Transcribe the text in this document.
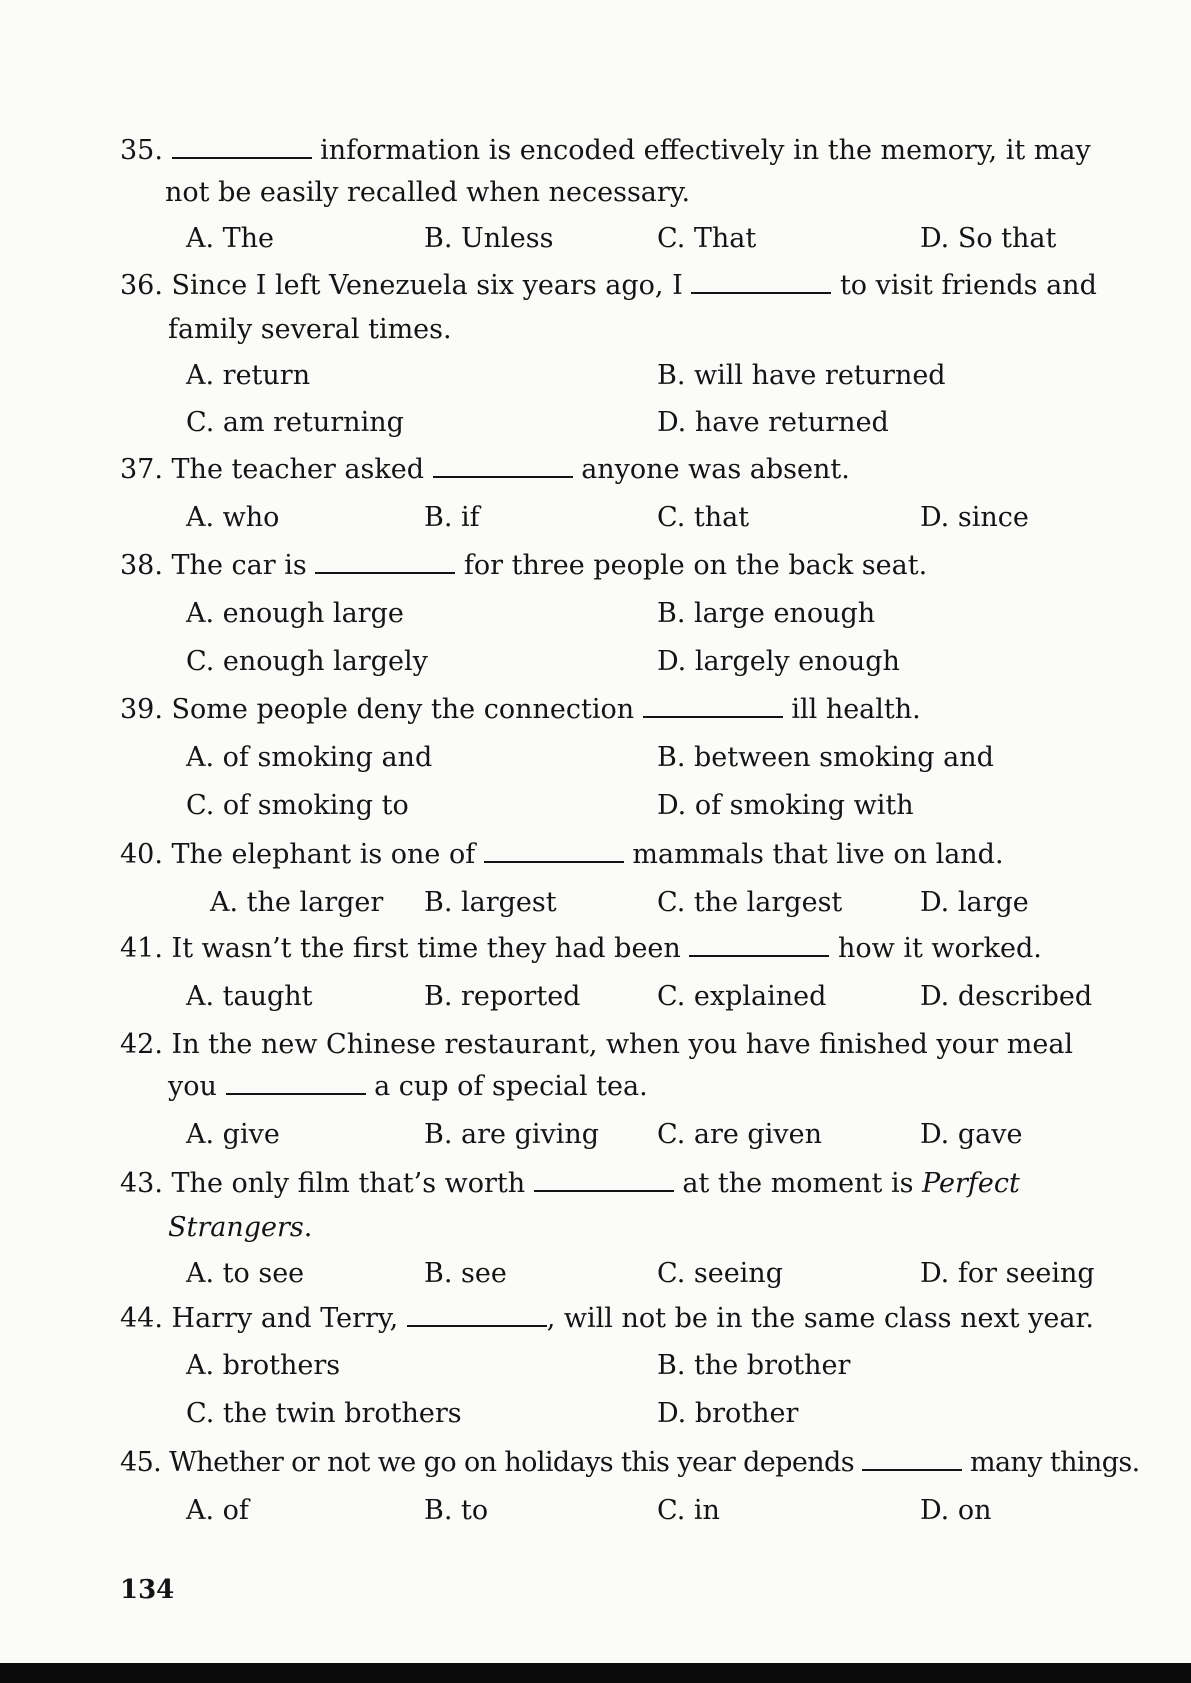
35.	information is encoded effectively in the memory, it may
not be easily recalled when necessary.
A. The	B. Unless	C. That	D. So that
36. Since I left Venezuela six years ago, I	to visit friends and
family several times.
A. return	B. will have returned
C. am returning	D. have returned
37. The teacher asked	anyone was absent.
A. who	B. if	C. that	D. since
38. The car is	for three people on the back seat.
A. enough large	B. large enough
C. enough largely	D. largely enough
39. Some people deny the connection	ill health.
A. of smoking and	B. between smoking and
C. of smoking to	D. of smoking with
40. The elephant is one of	mammals that live on land.
A. the larger B. largest	C. the largest	D. large
41. It wasn’t the first time they had been	how it worked.
A. taught	B. reported	C. explained	D. described
42. In the new Chinese restaurant, when you have finished your meal
you	a cup of special tea.
A. give	B. are giving C. are given	D. gave
43. The only film that’s worth	at the moment is Perfect
Strangers.
A. to see	B. see	C. seeing	D. for seeing
44. Harry and Terry,	, will not be in the same class next year.
A. brothers	B. the brother
C. the twin brothers	D. brother
45. Whether or not we go on holidays this year depends	many things.
A. of	B. to	C. in	D. on
134
